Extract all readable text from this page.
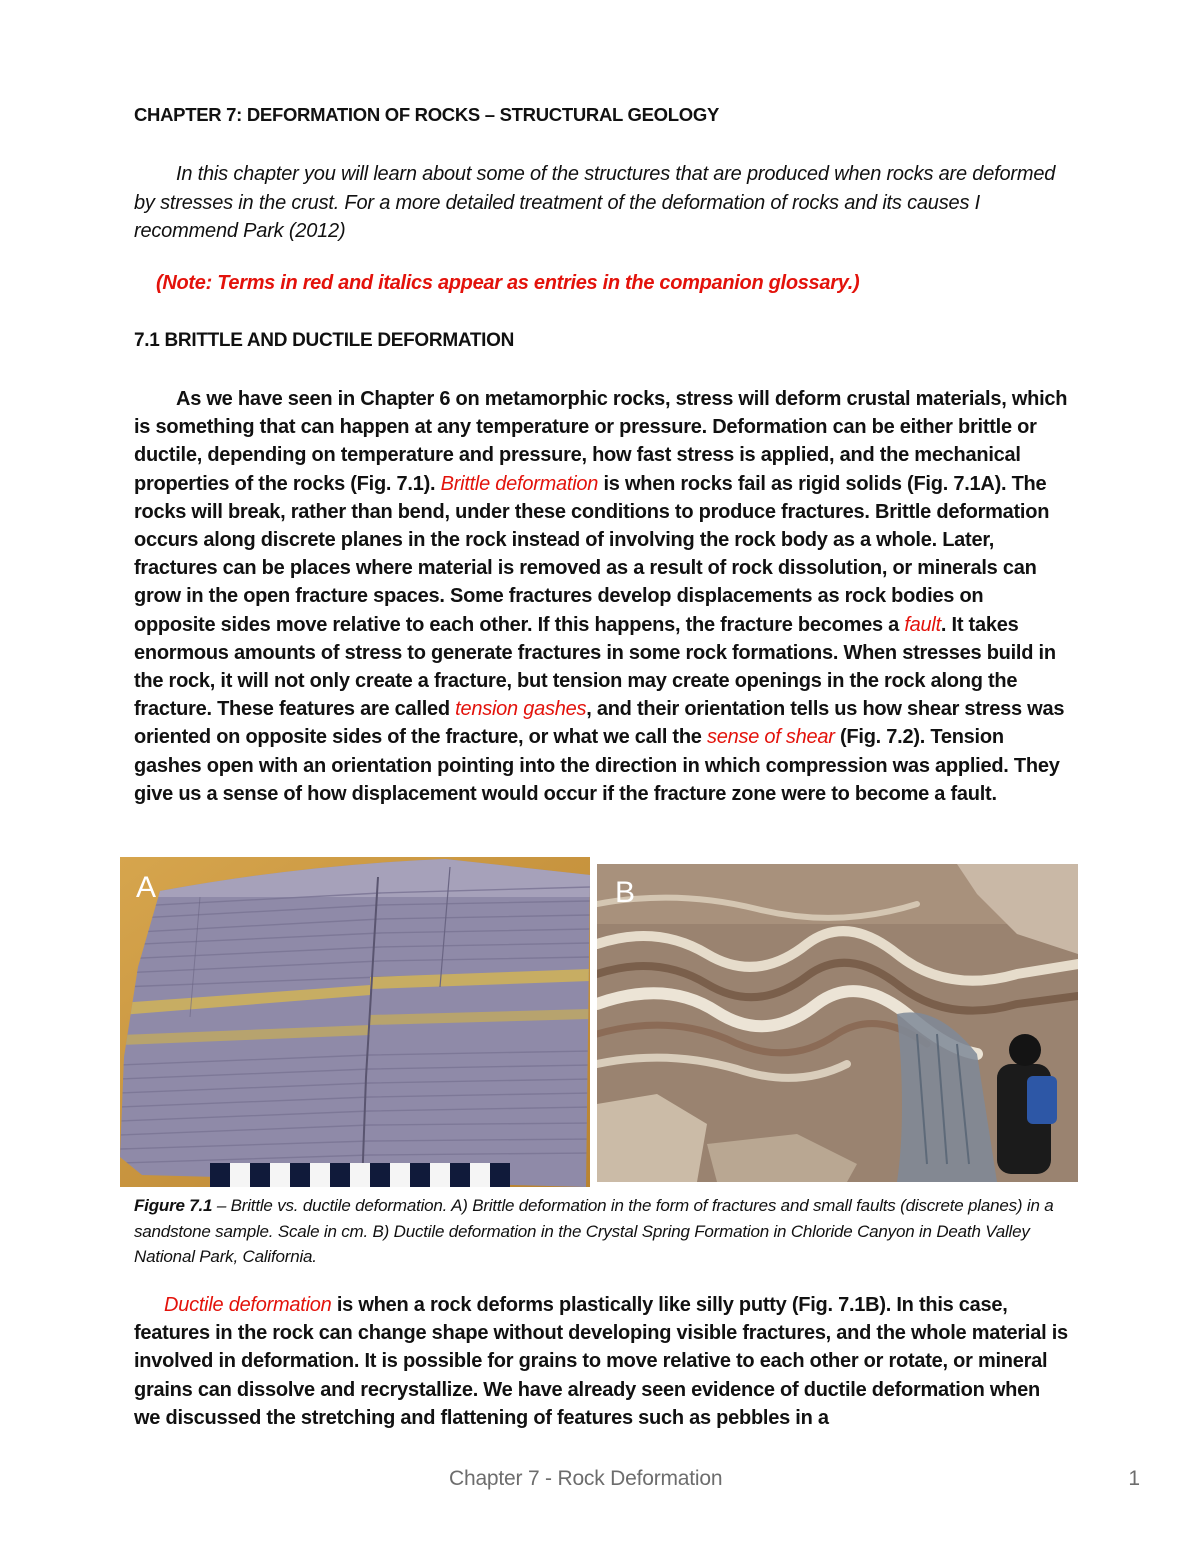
CHAPTER 7: DEFORMATION OF ROCKS – STRUCTURAL GEOLOGY
In this chapter you will learn about some of the structures that are produced when rocks are deformed by stresses in the crust. For a more detailed treatment of the deformation of rocks and its causes I recommend Park (2012)
(Note: Terms in red and italics appear as entries in the companion glossary.)
7.1 BRITTLE AND DUCTILE DEFORMATION
As we have seen in Chapter 6 on metamorphic rocks, stress will deform crustal materials, which is something that can happen at any temperature or pressure. Deformation can be either brittle or ductile, depending on temperature and pressure, how fast stress is applied, and the mechanical properties of the rocks (Fig. 7.1). Brittle deformation is when rocks fail as rigid solids (Fig. 7.1A). The rocks will break, rather than bend, under these conditions to produce fractures. Brittle deformation occurs along discrete planes in the rock instead of involving the rock body as a whole. Later, fractures can be places where material is removed as a result of rock dissolution, or minerals can grow in the open fracture spaces. Some fractures develop displacements as rock bodies on opposite sides move relative to each other. If this happens, the fracture becomes a fault. It takes enormous amounts of stress to generate fractures in some rock formations. When stresses build in the rock, it will not only create a fracture, but tension may create openings in the rock along the fracture. These features are called tension gashes, and their orientation tells us how shear stress was oriented on opposite sides of the fracture, or what we call the sense of shear (Fig. 7.2). Tension gashes open with an orientation pointing into the direction in which compression was applied. They give us a sense of how displacement would occur if the fracture zone were to become a fault.
A	B
Figure 7.1 – Brittle vs. ductile deformation. A) Brittle deformation in the form of fractures and small faults (discrete planes) in a sandstone sample. Scale in cm. B) Ductile deformation in the Crystal Spring Formation in Chloride Canyon in Death Valley National Park, California.
Ductile deformation is when a rock deforms plastically like silly putty (Fig. 7.1B). In this case, features in the rock can change shape without developing visible fractures, and the whole material is involved in deformation. It is possible for grains to move relative to each other or rotate, or mineral grains can dissolve and recrystallize. We have already seen evidence of ductile deformation when we discussed the stretching and flattening of features such as pebbles in a
Chapter 7 - Rock Deformation	1
